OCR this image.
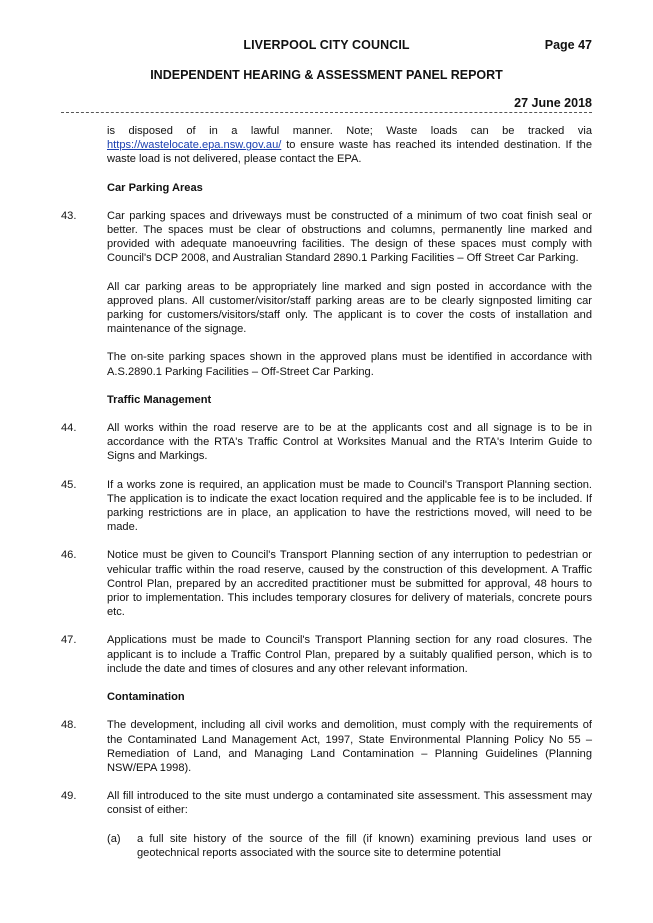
LIVERPOOL CITY COUNCIL	Page 47
INDEPENDENT HEARING & ASSESSMENT PANEL REPORT
27 June 2018

is disposed of in a lawful manner. Note; Waste loads can be tracked via https://wastelocate.epa.nsw.gov.au/ to ensure waste has reached its intended destination. If the waste load is not delivered, please contact the EPA.

Car Parking Areas
43.	Car parking spaces and driveways must be constructed of a minimum of two coat finish seal or better. The spaces must be clear of obstructions and columns, permanently line marked and provided with adequate manoeuvring facilities. The design of these spaces must comply with Council's DCP 2008, and Australian Standard 2890.1 Parking Facilities – Off Street Car Parking.

All car parking areas to be appropriately line marked and sign posted in accordance with the approved plans. All customer/visitor/staff parking areas are to be clearly signposted limiting car parking for customers/visitors/staff only. The applicant is to cover the costs of installation and maintenance of the signage.

The on-site parking spaces shown in the approved plans must be identified in accordance with A.S.2890.1 Parking Facilities – Off-Street Car Parking.

Traffic Management
44.	All works within the road reserve are to be at the applicants cost and all signage is to be in accordance with the RTA's Traffic Control at Worksites Manual and the RTA's Interim Guide to Signs and Markings.
45.	If a works zone is required, an application must be made to Council's Transport Planning section. The application is to indicate the exact location required and the applicable fee is to be included. If parking restrictions are in place, an application to have the restrictions moved, will need to be made.
46.	Notice must be given to Council's Transport Planning section of any interruption to pedestrian or vehicular traffic within the road reserve, caused by the construction of this development. A Traffic Control Plan, prepared by an accredited practitioner must be submitted for approval, 48 hours to prior to implementation. This includes temporary closures for delivery of materials, concrete pours etc.
47.	Applications must be made to Council's Transport Planning section for any road closures. The applicant is to include a Traffic Control Plan, prepared by a suitably qualified person, which is to include the date and times of closures and any other relevant information.
Contamination
48.	The development, including all civil works and demolition, must comply with the requirements of the Contaminated Land Management Act, 1997, State Environmental Planning Policy No 55 – Remediation of Land, and Managing Land Contamination – Planning Guidelines (Planning NSW/EPA 1998).
49.	All fill introduced to the site must undergo a contaminated site assessment. This assessment may consist of either:
(a)	a full site history of the source of the fill (if known) examining previous land uses or geotechnical reports associated with the source site to determine potential
